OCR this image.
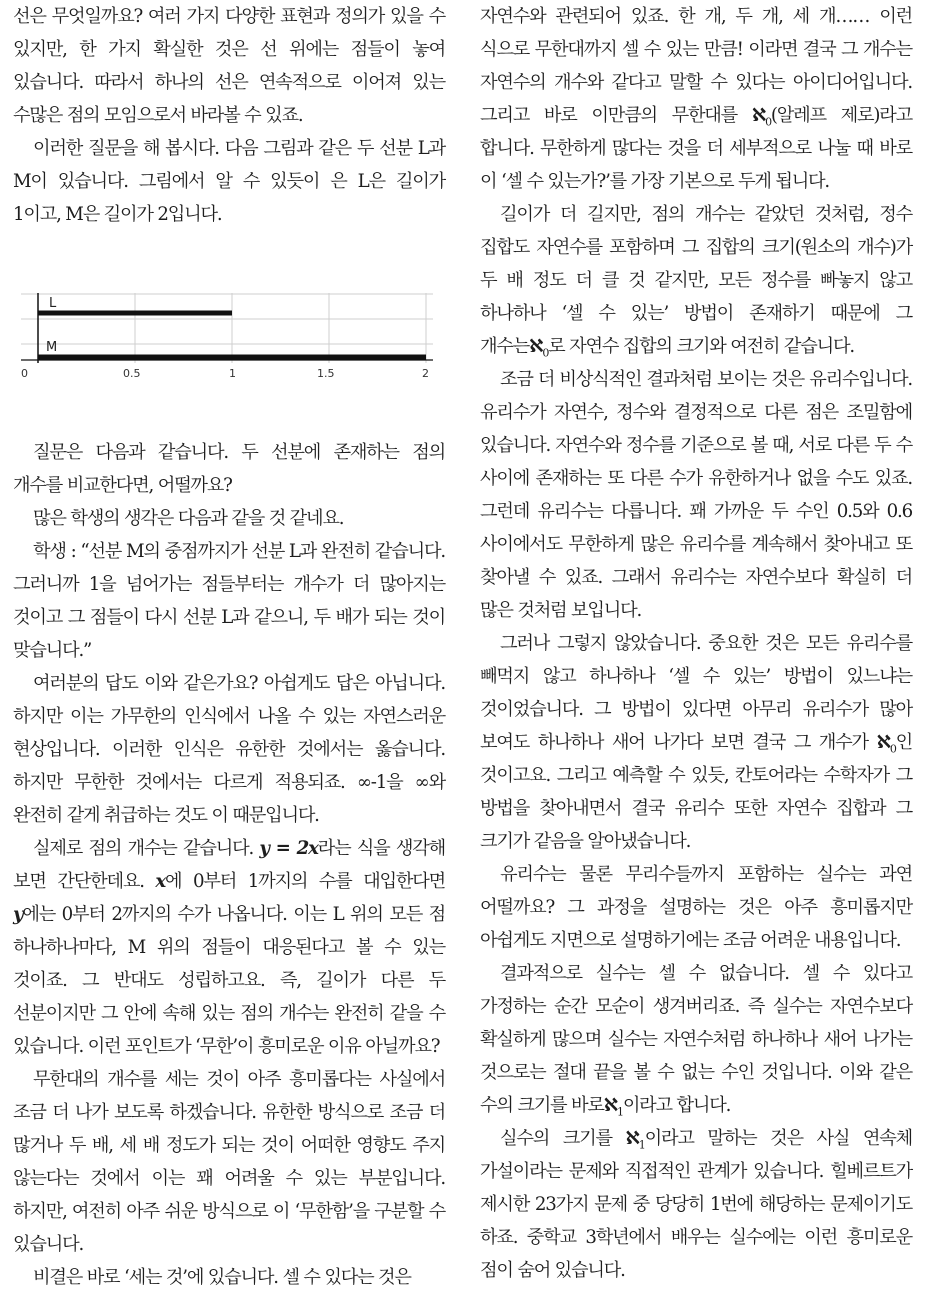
선은 무엇일까요? 여러 가지 다양한 표현과 정의가 있을 수 있지만, 한 가지 확실한 것은 선 위에는 점들이 놓여 있습니다. 따라서 하나의 선은 연속적으로 이어져 있는 수많은 점의 모임으로서 바라볼 수 있죠.

이러한 질문을 해 봅시다. 다음 그림과 같은 두 선분 L과 M이 있습니다. 그림에서 알 수 있듯이 은 L은 길이가 1이고, M은 길이가 2입니다.

L
M
0	0.5	1	1.5	2

질문은 다음과 같습니다. 두 선분에 존재하는 점의 개수를 비교한다면, 어떨까요?

많은 학생의 생각은 다음과 같을 것 같네요.

학생 : “선분 M의 중점까지가 선분 L과 완전히 같습니다. 그러니까 1을 넘어가는 점들부터는 개수가 더 많아지는 것이고 그 점들이 다시 선분 L과 같으니, 두 배가 되는 것이 맞습니다.”

여러분의 답도 이와 같은가요? 아쉽게도 답은 아닙니다. 하지만 이는 가무한의 인식에서 나올 수 있는 자연스러운 현상입니다. 이러한 인식은 유한한 것에서는 옳습니다. 하지만 무한한 것에서는 다르게 적용되죠. ∞-1을 ∞와 완전히 같게 취급하는 것도 이 때문입니다.

실제로 점의 개수는 같습니다. y = 2x라는 식을 생각해 보면 간단한데요. x에 0부터 1까지의 수를 대입한다면 y에는 0부터 2까지의 수가 나옵니다. 이는 L 위의 모든 점 하나하나마다, M 위의 점들이 대응된다고 볼 수 있는 것이죠. 그 반대도 성립하고요. 즉, 길이가 다른 두 선분이지만 그 안에 속해 있는 점의 개수는 완전히 같을 수 있습니다. 이런 포인트가 ‘무한’이 흥미로운 이유 아닐까요?

무한대의 개수를 세는 것이 아주 흥미롭다는 사실에서 조금 더 나가 보도록 하겠습니다. 유한한 방식으로 조금 더 많거나 두 배, 세 배 정도가 되는 것이 어떠한 영향도 주지 않는다는 것에서 이는 꽤 어려울 수 있는 부분입니다. 하지만, 여전히 아주 쉬운 방식으로 이 ‘무한함’을 구분할 수 있습니다.

비결은 바로 ‘세는 것’에 있습니다. 셀 수 있다는 것은

자연수와 관련되어 있죠. 한 개, 두 개, 세 개…… 이런 식으로 무한대까지 셀 수 있는 만큼! 이라면 결국 그 개수는 자연수의 개수와 같다고 말할 수 있다는 아이디어입니다. 그리고 바로 이만큼의 무한대를 ℵ$_0$(알레프 제로)라고 합니다. 무한하게 많다는 것을 더 세부적으로 나눌 때 바로 이 ‘셀 수 있는가?’를 가장 기본으로 두게 됩니다.

길이가 더 길지만, 점의 개수는 같았던 것처럼, 정수 집합도 자연수를 포함하며 그 집합의 크기(원소의 개수)가 두 배 정도 더 클 것 같지만, 모든 정수를 빠놓지 않고 하나하나 ‘셀 수 있는’ 방법이 존재하기 때문에 그 개수는ℵ$_0$로 자연수 집합의 크기와 여전히 같습니다.

조금 더 비상식적인 결과처럼 보이는 것은 유리수입니다. 유리수가 자연수, 정수와 결정적으로 다른 점은 조밀함에 있습니다. 자연수와 정수를 기준으로 볼 때, 서로 다른 두 수 사이에 존재하는 또 다른 수가 유한하거나 없을 수도 있죠. 그런데 유리수는 다릅니다. 꽤 가까운 두 수인 0.5와 0.6 사이에서도 무한하게 많은 유리수를 계속해서 찾아내고 또 찾아낼 수 있죠. 그래서 유리수는 자연수보다 확실히 더 많은 것처럼 보입니다.

그러나 그렇지 않았습니다. 중요한 것은 모든 유리수를 빼먹지 않고 하나하나 ‘셀 수 있는’ 방법이 있느냐는 것이었습니다. 그 방법이 있다면 아무리 유리수가 많아 보여도 하나하나 새어 나가다 보면 결국 그 개수가 ℵ$_0$인 것이고요. 그리고 예측할 수 있듯, 칸토어라는 수학자가 그 방법을 찾아내면서 결국 유리수 또한 자연수 집합과 그 크기가 같음을 알아냈습니다.

유리수는 물론 무리수들까지 포함하는 실수는 과연 어떨까요? 그 과정을 설명하는 것은 아주 흥미롭지만 아쉽게도 지면으로 설명하기에는 조금 어려운 내용입니다.

결과적으로 실수는 셀 수 없습니다. 셀 수 있다고 가정하는 순간 모순이 생겨버리죠. 즉 실수는 자연수보다 확실하게 많으며 실수는 자연수처럼 하나하나 새어 나가는 것으로는 절대 끝을 볼 수 없는 수인 것입니다. 이와 같은 수의 크기를 바로ℵ$_1$이라고 합니다.

실수의 크기를 ℵ$_1$이라고 말하는 것은 사실 연속체 가설이라는 문제와 직접적인 관계가 있습니다. 힐베르트가 제시한 23가지 문제 중 당당히 1번에 해당하는 문제이기도 하죠. 중학교 3학년에서 배우는 실수에는 이런 흥미로운 점이 숨어 있습니다.
